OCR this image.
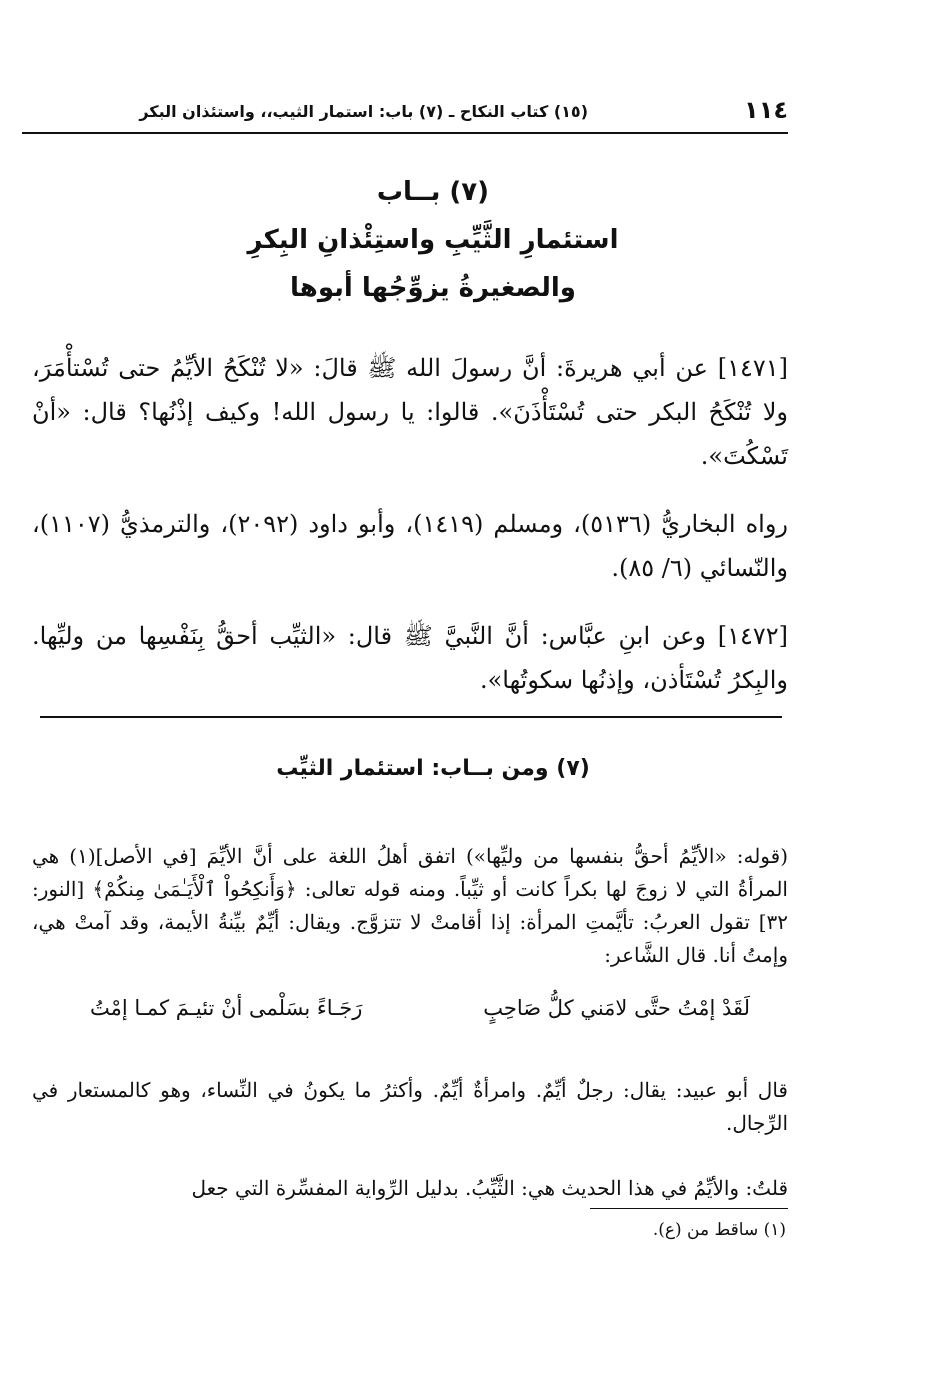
١١٤
(١٥) كتاب النكاح ـ (٧) باب: استمار الثيب،، واستئذان البكر
(٧) بــاب
استئمارِ الثَّيِّبِ واستِئْذانِ البِكرِ
والصغيرةُ يزوِّجُها أبوها

[١٤٧١] عن أبي هريرةَ: أنَّ رسولَ الله ﷺ قالَ: «لا تُنْكَحُ الأيِّمُ حتى تُسْتأْمَرَ، ولا تُنْكَحُ البكر حتى تُسْتَأْذَنَ». قالوا: يا رسول الله! وكيف إذْنُها؟ قال: «أنْ تَسْكُتَ».

رواه البخاريُّ (٥١٣٦)، ومسلم (١٤١٩)، وأبو داود (٢٠٩٢)، والترمذيُّ (١١٠٧)، والنّسائي (٦/ ٨٥).

[١٤٧٢] وعن ابنِ عبَّاس: أنَّ النَّبيَّ ﷺ قال: «الثيِّب أحقُّ بِنَفْسِها من وليِّها. والبِكرُ تُسْتَأذن، وإذنُها سكوتُها».

(٧) ومن بــاب: استئمار الثيِّب

(قوله: «الأيِّمُ أحقُّ بنفسها من وليِّها») اتفق أهلُ اللغة على أنَّ الأيِّمَ [في الأصل](١) هي المرأةُ التي لا زوجَ لها بكراً كانت أو ثيِّباً. ومنه قوله تعالى: ﴿وَأَنكِحُواْ ٱلْأَيَـٰمَىٰ مِنكُمْ﴾ [النور: ٣٢] تقول العربُ: تأيَّمتِ المرأة: إذا أقامتْ لا تتزوَّج. ويقال: أيِّمٌ بيِّنةُ الأيمة، وقد آمتْ هي، وإمتُ أنا. قال الشَّاعر:

لَقَدْ إمْتُ حتَّى لامَني كلُّ صَاحِبٍ
رَجَـاءً بسَلْمى أنْ تئيـمَ كمـا إمْتُ

قال أبو عبيد: يقال: رجلٌ أيِّمٌ. وامرأةٌ أيِّمٌ. وأكثرُ ما يكونُ في النِّساء، وهو كالمستعار في الرِّجال.

قلتُ: والأيِّمُ في هذا الحديث هي: الثَّيِّبُ. بدليل الرِّواية المفسِّرة التي جعل

(١) ساقط من (ع).
